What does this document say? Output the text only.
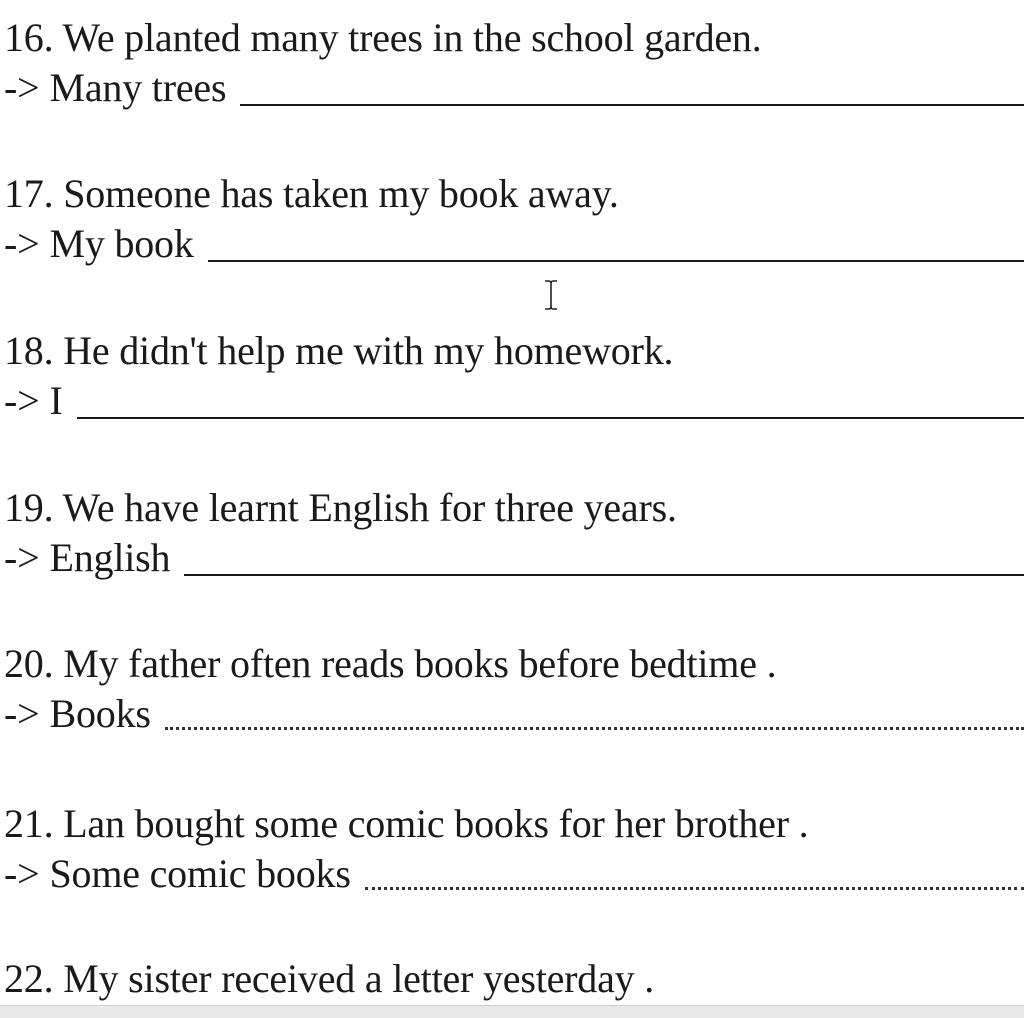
16. We planted many trees in the school garden.
-> Many trees
17. Someone has taken my book away.
-> My book
18. He didn't help me with my homework.
-> I
19. We have learnt English for three years.
-> English
20. My father often reads books before bedtime .
-> Books
21. Lan bought some comic books for her brother .
-> Some comic books
22. My sister received a letter yesterday .
